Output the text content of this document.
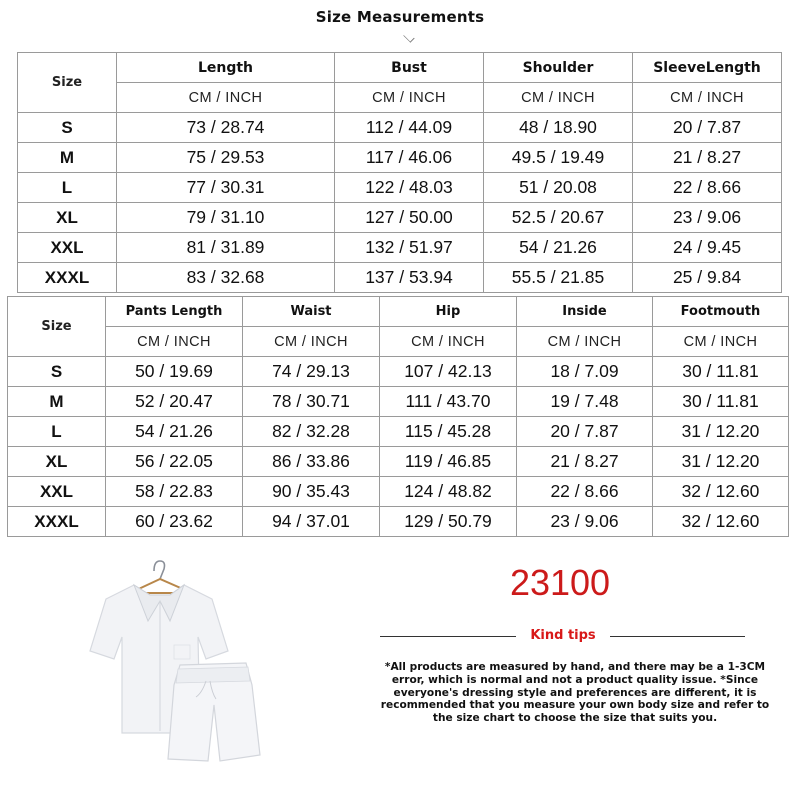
Size Measurements
Size	Length	Bust	Shoulder	SleeveLength
	CM / INCH	CM / INCH	CM / INCH	CM / INCH
S	73 / 28.74	112 / 44.09	48 / 18.90	20 / 7.87
M	75 / 29.53	117 / 46.06	49.5 / 19.49	21 / 8.27
L	77 / 30.31	122 / 48.03	51 / 20.08	22 / 8.66
XL	79 / 31.10	127 / 50.00	52.5 / 20.67	23 / 9.06
XXL	81 / 31.89	132 / 51.97	54 / 21.26	24 / 9.45
XXXL	83 / 32.68	137 / 53.94	55.5 / 21.85	25 / 9.84
Size	Pants Length	Waist	Hip	Inside	Footmouth
	CM / INCH	CM / INCH	CM / INCH	CM / INCH	CM / INCH
S	50 / 19.69	74 / 29.13	107 / 42.13	18 / 7.09	30 / 11.81
M	52 / 20.47	78 / 30.71	111 / 43.70	19 / 7.48	30 / 11.81
L	54 / 21.26	82 / 32.28	115 / 45.28	20 / 7.87	31 / 12.20
XL	56 / 22.05	86 / 33.86	119 / 46.85	21 / 8.27	31 / 12.20
XXL	58 / 22.83	90 / 35.43	124 / 48.82	22 / 8.66	32 / 12.60
XXXL	60 / 23.62	94 / 37.01	129 / 50.79	23 / 9.06	32 / 12.60
23100
Kind tips
*All products are measured by hand, and there may be a 1-3CM error, which is normal and not a product quality issue. *Since everyone's dressing style and preferences are different, it is recommended that you measure your own body size and refer to the size chart to choose the size that suits you.
